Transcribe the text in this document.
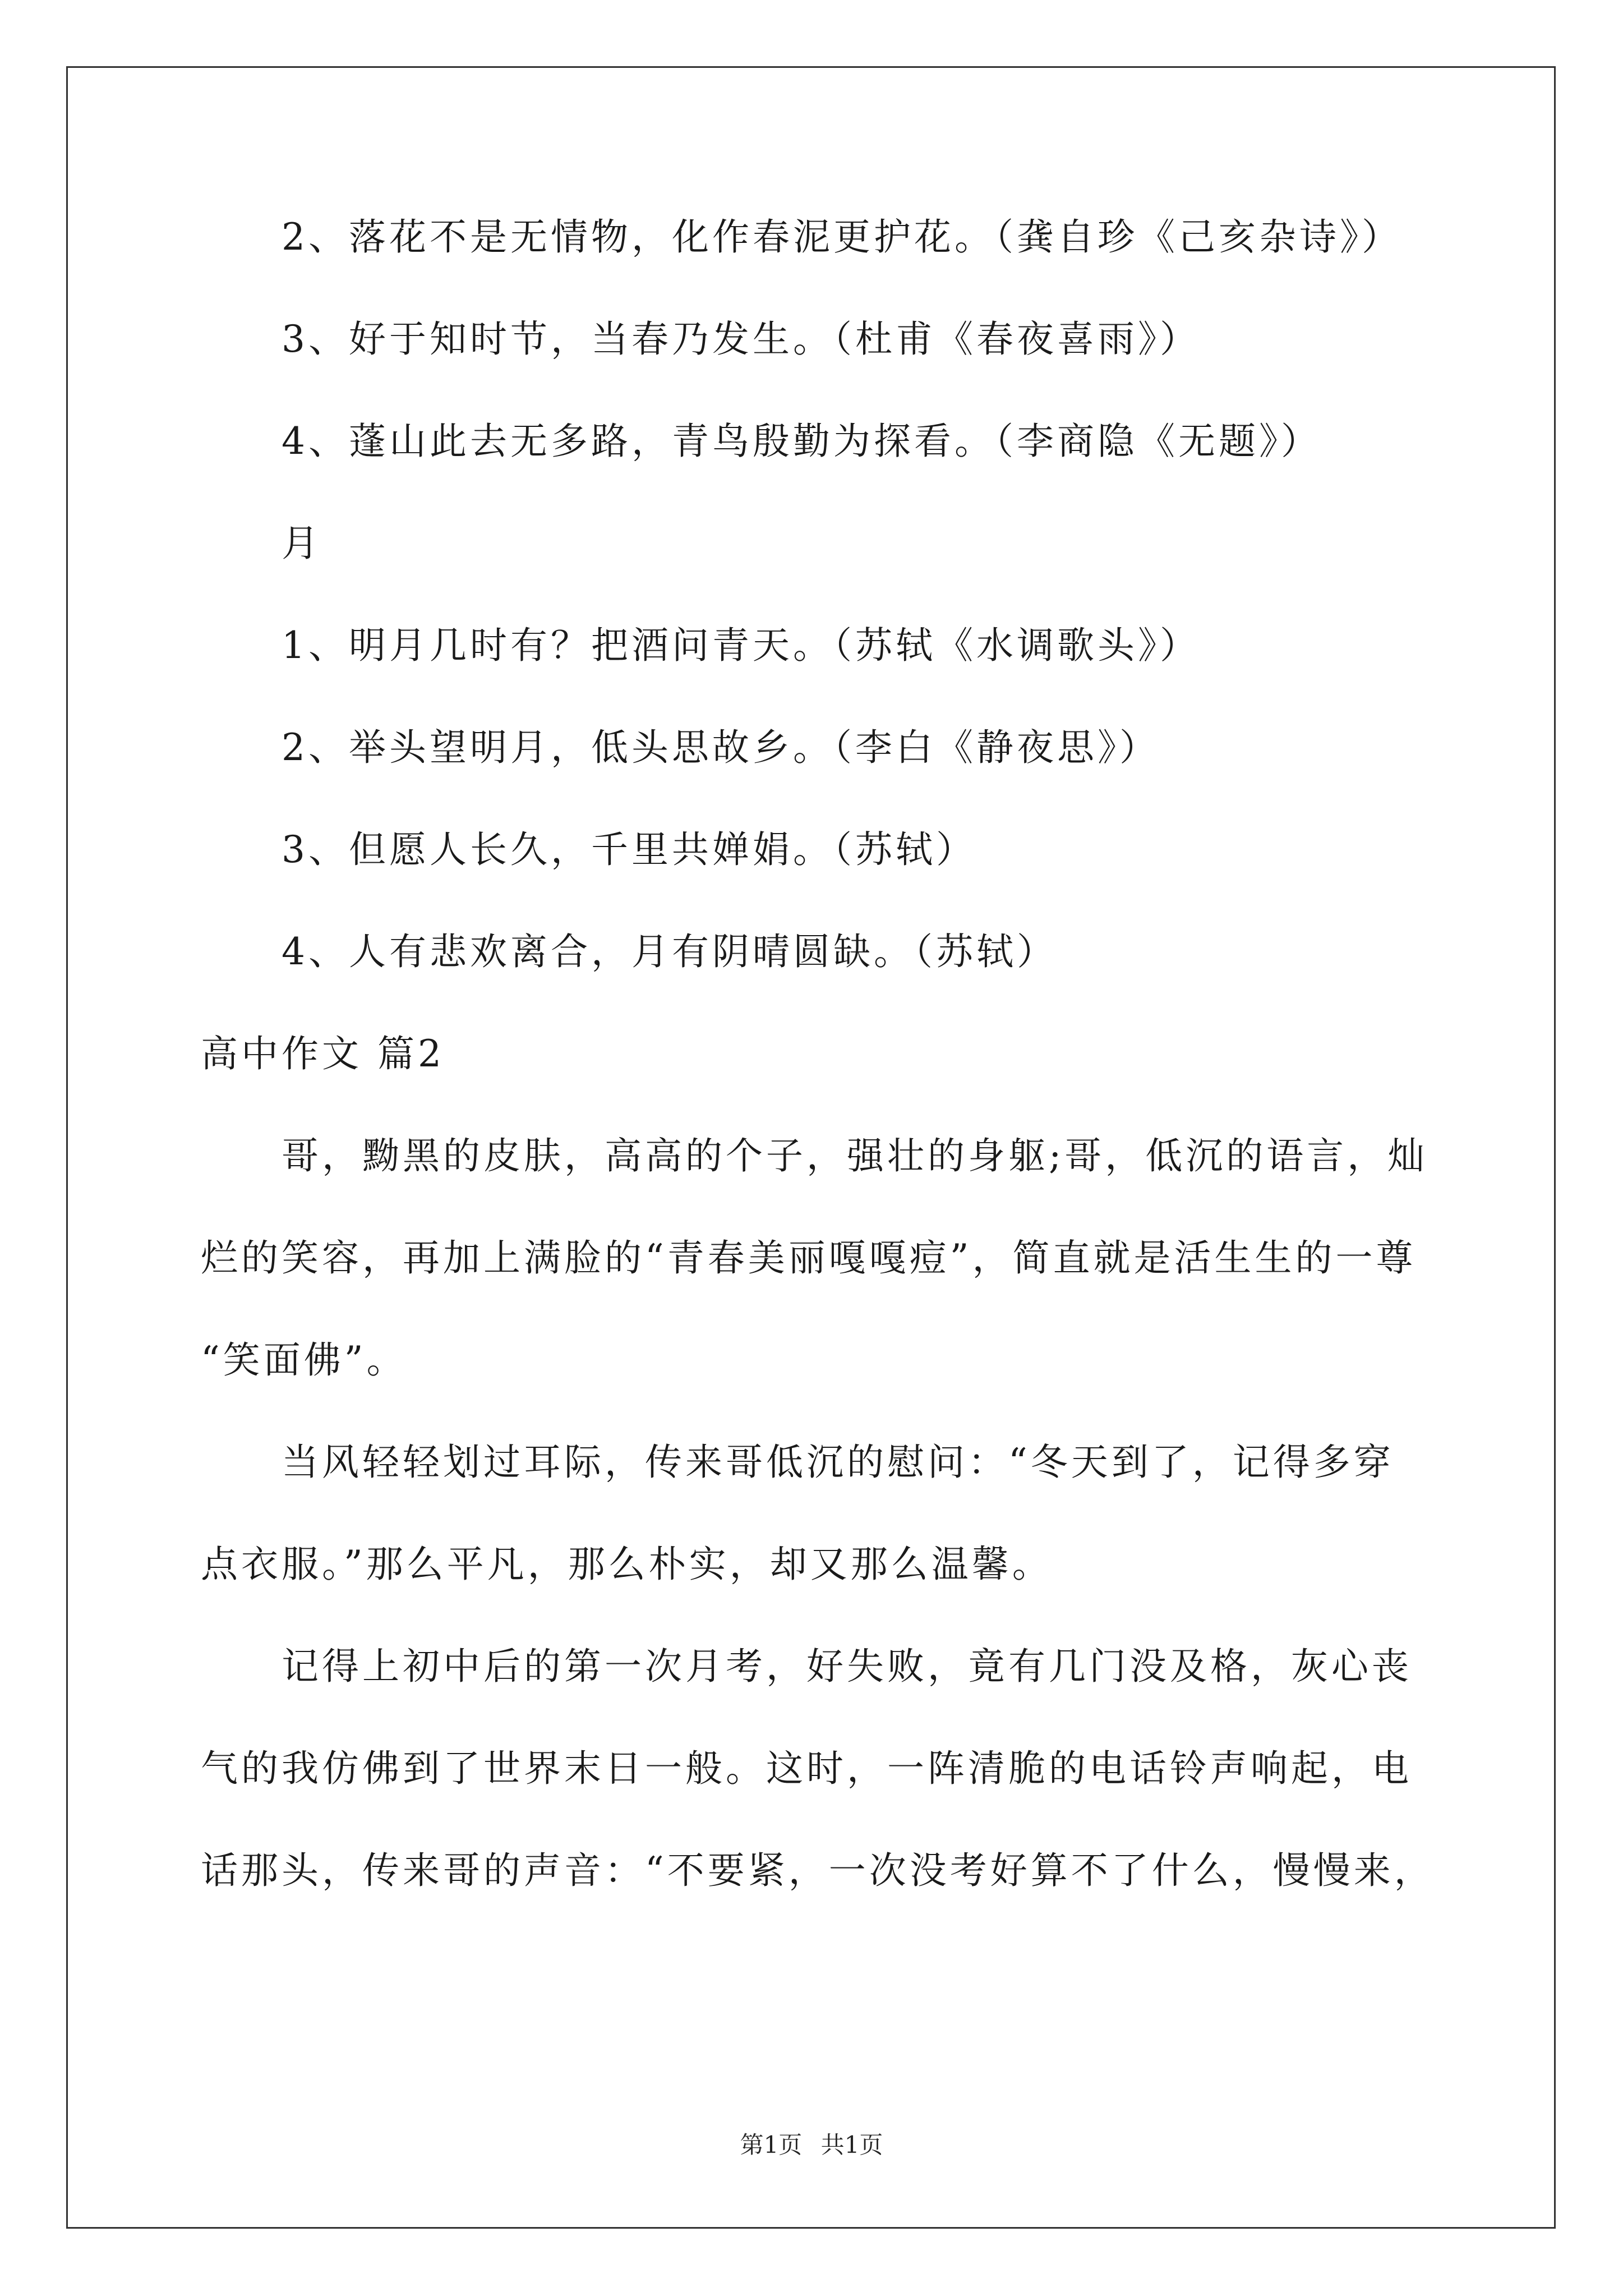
2、落花不是无情物，化作春泥更护花。（龚自珍《己亥杂诗》）
3、好于知时节，当春乃发生。（杜甫《春夜喜雨》）
4、蓬山此去无多路，青鸟殷勤为探看。（李商隐《无题》）
月
1、明月几时有？把酒问青天。（苏轼《水调歌头》）
2、举头望明月，低头思故乡。（李白《静夜思》）
3、但愿人长久，千里共婵娟。（苏轼）
4、人有悲欢离合，月有阴晴圆缺。（苏轼）
高中作文 篇2
哥，黝黑的皮肤，高高的个子，强壮的身躯;哥，低沉的语言，灿
烂的笑容，再加上满脸的“青春美丽嘎嘎痘”，简直就是活生生的一尊
“笑面佛”。
当风轻轻划过耳际，传来哥低沉的慰问：“冬天到了，记得多穿
点衣服。”那么平凡，那么朴实，却又那么温馨。
记得上初中后的第一次月考，好失败，竟有几门没及格，灰心丧
气的我仿佛到了世界末日一般。这时，一阵清脆的电话铃声响起，电
话那头，传来哥的声音：“不要紧，一次没考好算不了什么，慢慢来，
第1页 共1页
